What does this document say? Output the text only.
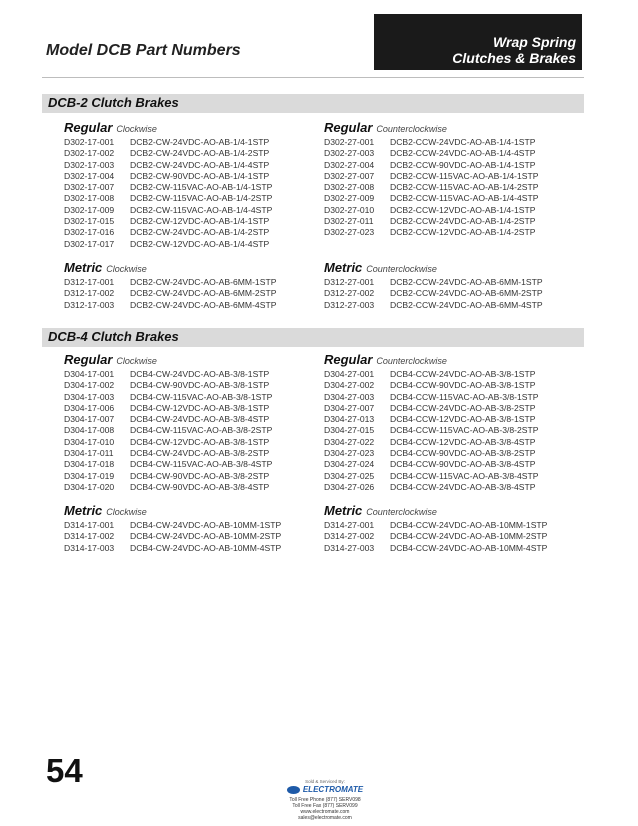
Model DCB Part Numbers	Wrap Spring
Clutches & Brakes
DCB-2 Clutch Brakes
Regular Clockwise
D302-17-001	DCB2-CW-24VDC-AO-AB-1/4-1STP
D302-17-002	DCB2-CW-24VDC-AO-AB-1/4-2STP
D302-17-003	DCB2-CW-24VDC-AO-AB-1/4-4STP
D302-17-004	DCB2-CW-90VDC-AO-AB-1/4-1STP
D302-17-007	DCB2-CW-115VAC-AO-AB-1/4-1STP
D302-17-008	DCB2-CW-115VAC-AO-AB-1/4-2STP
D302-17-009	DCB2-CW-115VAC-AO-AB-1/4-4STP
D302-17-015	DCB2-CW-12VDC-AO-AB-1/4-1STP
D302-17-016	DCB2-CW-24VDC-AO-AB-1/4-2STP
D302-17-017	DCB2-CW-12VDC-AO-AB-1/4-4STP
Regular Counterclockwise
D302-27-001	DCB2-CCW-24VDC-AO-AB-1/4-1STP
D302-27-003	DCB2-CCW-24VDC-AO-AB-1/4-4STP
D302-27-004	DCB2-CCW-90VDC-AO-AB-1/4-1STP
D302-27-007	DCB2-CCW-115VAC-AO-AB-1/4-1STP
D302-27-008	DCB2-CCW-115VAC-AO-AB-1/4-2STP
D302-27-009	DCB2-CCW-115VAC-AO-AB-1/4-4STP
D302-27-010	DCB2-CCW-12VDC-AO-AB-1/4-1STP
D302-27-011	DCB2-CCW-24VDC-AO-AB-1/4-2STP
D302-27-023	DCB2-CCW-12VDC-AO-AB-1/4-2STP
Metric Clockwise
D312-17-001	DCB2-CW-24VDC-AO-AB-6MM-1STP
D312-17-002	DCB2-CW-24VDC-AO-AB-6MM-2STP
D312-17-003	DCB2-CW-24VDC-AO-AB-6MM-4STP
Metric Counterclockwise
D312-27-001	DCB2-CCW-24VDC-AO-AB-6MM-1STP
D312-27-002	DCB2-CCW-24VDC-AO-AB-6MM-2STP
D312-27-003	DCB2-CCW-24VDC-AO-AB-6MM-4STP
DCB-4 Clutch Brakes
Regular Clockwise
D304-17-001	DCB4-CW-24VDC-AO-AB-3/8-1STP
D304-17-002	DCB4-CW-90VDC-AO-AB-3/8-1STP
D304-17-003	DCB4-CW-115VAC-AO-AB-3/8-1STP
D304-17-006	DCB4-CW-12VDC-AO-AB-3/8-1STP
D304-17-007	DCB4-CW-24VDC-AO-AB-3/8-4STP
D304-17-008	DCB4-CW-115VAC-AO-AB-3/8-2STP
D304-17-010	DCB4-CW-12VDC-AO-AB-3/8-1STP
D304-17-011	DCB4-CW-24VDC-AO-AB-3/8-2STP
D304-17-018	DCB4-CW-115VAC-AO-AB-3/8-4STP
D304-17-019	DCB4-CW-90VDC-AO-AB-3/8-2STP
D304-17-020	DCB4-CW-90VDC-AO-AB-3/8-4STP
Regular Counterclockwise
D304-27-001	DCB4-CCW-24VDC-AO-AB-3/8-1STP
D304-27-002	DCB4-CCW-90VDC-AO-AB-3/8-1STP
D304-27-003	DCB4-CCW-115VAC-AO-AB-3/8-1STP
D304-27-007	DCB4-CCW-24VDC-AO-AB-3/8-2STP
D304-27-013	DCB4-CCW-12VDC-AO-AB-3/8-1STP
D304-27-015	DCB4-CCW-115VAC-AO-AB-3/8-2STP
D304-27-022	DCB4-CCW-12VDC-AO-AB-3/8-4STP
D304-27-023	DCB4-CCW-90VDC-AO-AB-3/8-2STP
D304-27-024	DCB4-CCW-90VDC-AO-AB-3/8-4STP
D304-27-025	DCB4-CCW-115VAC-AO-AB-3/8-4STP
D304-27-026	DCB4-CCW-24VDC-AO-AB-3/8-4STP
Metric Clockwise
D314-17-001	DCB4-CW-24VDC-AO-AB-10MM-1STP
D314-17-002	DCB4-CW-24VDC-AO-AB-10MM-2STP
D314-17-003	DCB4-CW-24VDC-AO-AB-10MM-4STP
Metric Counterclockwise
D314-27-001	DCB4-CCW-24VDC-AO-AB-10MM-1STP
D314-27-002	DCB4-CCW-24VDC-AO-AB-10MM-2STP
D314-27-003	DCB4-CCW-24VDC-AO-AB-10MM-4STP
54	Sold & Serviced By:
ELECTROMATE
Toll Free Phone (877) SERV098
Toll Free Fax (877) SERV099
www.electromate.com
sales@electromate.com
